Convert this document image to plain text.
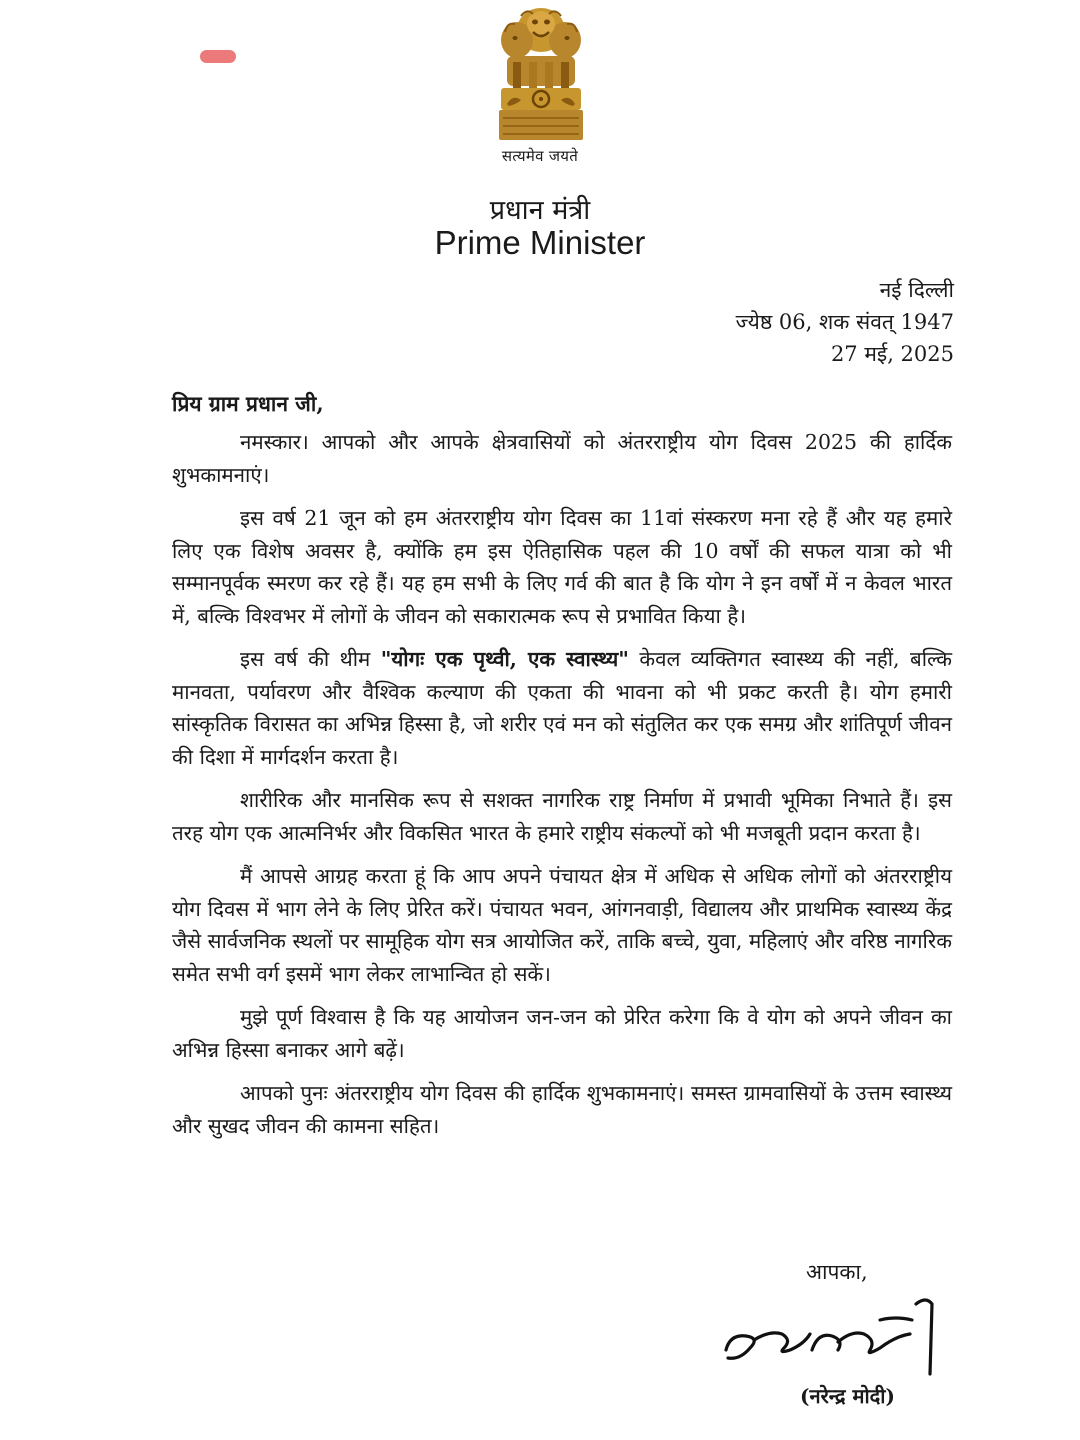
सत्यमेव जयते
प्रधान मंत्री
Prime Minister
नई दिल्ली
ज्येष्ठ 06, शक संवत् 1947
27 मई, 2025
प्रिय ग्राम प्रधान जी,

नमस्कार। आपको और आपके क्षेत्रवासियों को अंतरराष्ट्रीय योग दिवस 2025 की हार्दिक शुभकामनाएं।

इस वर्ष 21 जून को हम अंतरराष्ट्रीय योग दिवस का 11वां संस्करण मना रहे हैं और यह हमारे लिए एक विशेष अवसर है, क्योंकि हम इस ऐतिहासिक पहल की 10 वर्षों की सफल यात्रा को भी सम्मानपूर्वक स्मरण कर रहे हैं। यह हम सभी के लिए गर्व की बात है कि योग ने इन वर्षों में न केवल भारत में, बल्कि विश्वभर में लोगों के जीवन को सकारात्मक रूप से प्रभावित किया है।

इस वर्ष की थीम "योगः एक पृथ्वी, एक स्वास्थ्य" केवल व्यक्तिगत स्वास्थ्य की नहीं, बल्कि मानवता, पर्यावरण और वैश्विक कल्याण की एकता की भावना को भी प्रकट करती है। योग हमारी सांस्कृतिक विरासत का अभिन्न हिस्सा है, जो शरीर एवं मन को संतुलित कर एक समग्र और शांतिपूर्ण जीवन की दिशा में मार्गदर्शन करता है।

शारीरिक और मानसिक रूप से सशक्त नागरिक राष्ट्र निर्माण में प्रभावी भूमिका निभाते हैं। इस तरह योग एक आत्मनिर्भर और विकसित भारत के हमारे राष्ट्रीय संकल्पों को भी मजबूती प्रदान करता है।

मैं आपसे आग्रह करता हूं कि आप अपने पंचायत क्षेत्र में अधिक से अधिक लोगों को अंतरराष्ट्रीय योग दिवस में भाग लेने के लिए प्रेरित करें। पंचायत भवन, आंगनवाड़ी, विद्यालय और प्राथमिक स्वास्थ्य केंद्र जैसे सार्वजनिक स्थलों पर सामूहिक योग सत्र आयोजित करें, ताकि बच्चे, युवा, महिलाएं और वरिष्ठ नागरिक समेत सभी वर्ग इसमें भाग लेकर लाभान्वित हो सकें।

मुझे पूर्ण विश्वास है कि यह आयोजन जन-जन को प्रेरित करेगा कि वे योग को अपने जीवन का अभिन्न हिस्सा बनाकर आगे बढ़ें।

आपको पुनः अंतरराष्ट्रीय योग दिवस की हार्दिक शुभकामनाएं। समस्त ग्रामवासियों के उत्तम स्वास्थ्य और सुखद जीवन की कामना सहित।

आपका,
(नरेन्द्र मोदी)
